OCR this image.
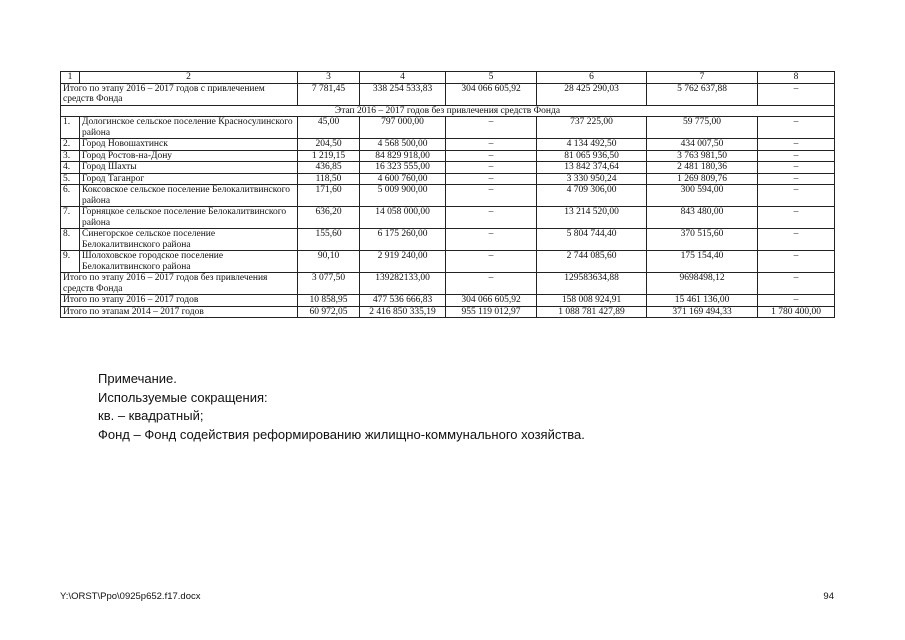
1	2	3	4	5	6	7	8
Итого по этапу 2016 – 2017 годов с привлечением средств Фонда		7 781,45	338 254 533,83	304 066 605,92	28 425 290,03	5 762 637,88	–
Этап 2016 – 2017 годов без привлечения средств Фонда							
1.	Дологинское сельское поселение Красносулинского района	45,00	797 000,00	–	737 225,00	59 775,00	–
2.	Город Новошахтинск	204,50	4 568 500,00	–	4 134 492,50	434 007,50	–
3.	Город Ростов-на-Дону	1 219,15	84 829 918,00	–	81 065 936,50	3 763 981,50	–
4.	Город Шахты	436,85	16 323 555,00	–	13 842 374,64	2 481 180,36	–
5.	Город Таганрог	118,50	4 600 760,00	–	3 330 950,24	1 269 809,76	–
6.	Коксовское сельское поселение Белокалитвинского района	171,60	5 009 900,00	–	4 709 306,00	300 594,00	–
7.	Горняцкое сельское поселение Белокалитвинского района	636,20	14 058 000,00	–	13 214 520,00	843 480,00	–
8.	Синегорское сельское поселение Белокалитвинского района	155,60	6 175 260,00	–	5 804 744,40	370 515,60	–
9.	Шолоховское городское поселение Белокалитвинского района	90,10	2 919 240,00	–	2 744 085,60	175 154,40	–
Итого по этапу 2016 – 2017 годов без привлечения средств Фонда		3 077,50	139282133,00	–	129583634,88	9698498,12	–
Итого по этапу 2016 – 2017 годов		10 858,95	477 536 666,83	304 066 605,92	158 008 924,91	15 461 136,00	–
Итого по этапам 2014 – 2017 годов		60 972,05	2 416 850 335,19	955 119 012,97	1 088 781 427,89	371 169 494,33	1 780 400,00
Примечание.
Используемые сокращения:
кв. – квадратный;
Фонд – Фонд содействия реформированию жилищно-коммунального хозяйства.
Y:\ORST\Ppo\0925p652.f17.docx	94
